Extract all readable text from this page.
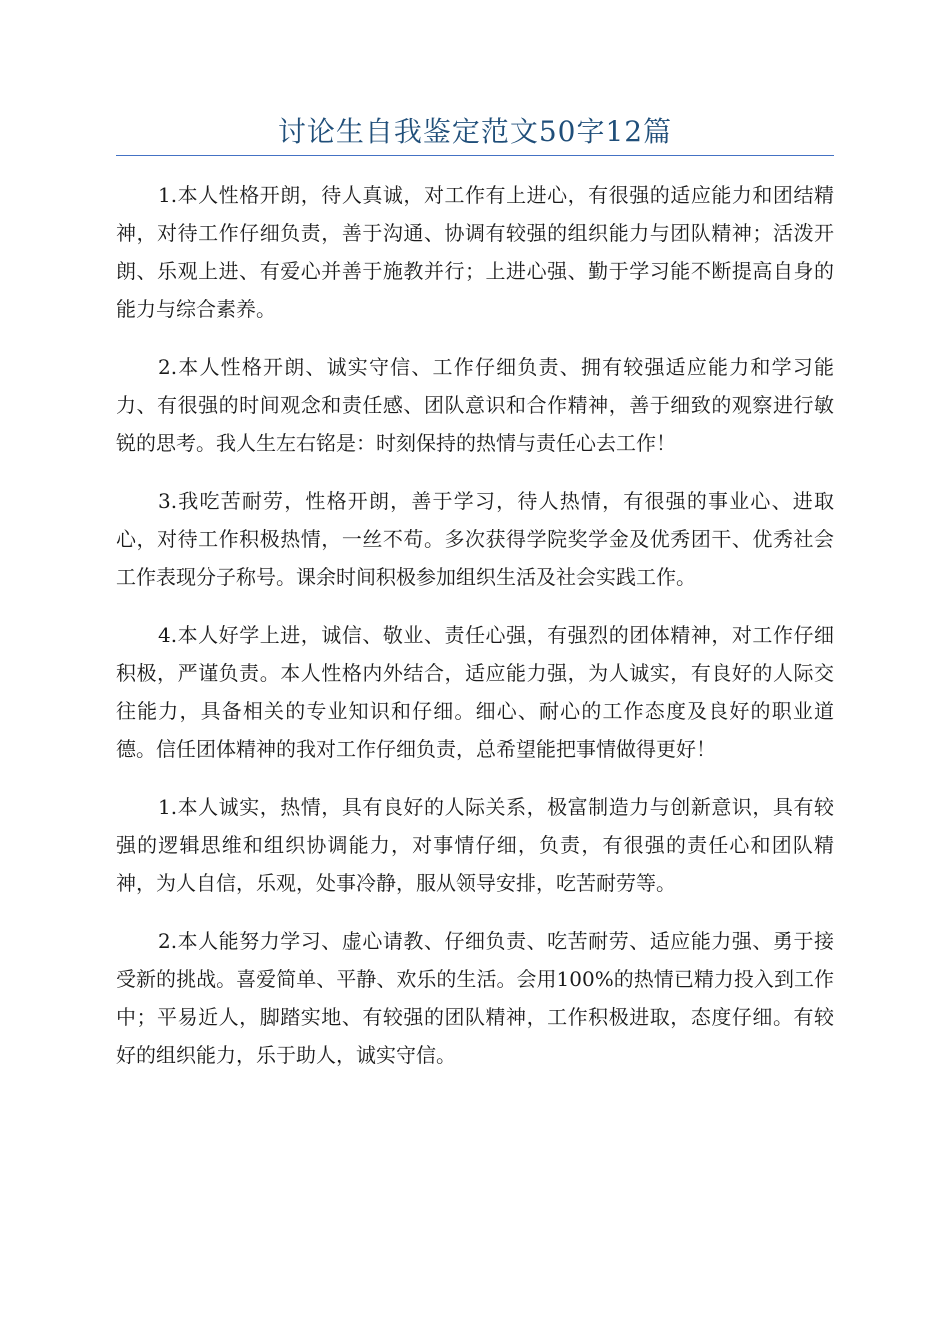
讨论生自我鉴定范文50字12篇

1.本人性格开朗，待人真诚，对工作有上进心，有很强的适应能力和团结精神，对待工作仔细负责，善于沟通、协调有较强的组织能力与团队精神；活泼开朗、乐观上进、有爱心并善于施教并行；上进心强、勤于学习能不断提高自身的能力与综合素养。

2.本人性格开朗、诚实守信、工作仔细负责、拥有较强适应能力和学习能力、有很强的时间观念和责任感、团队意识和合作精神，善于细致的观察进行敏锐的思考。我人生左右铭是：时刻保持的热情与责任心去工作！

3.我吃苦耐劳，性格开朗，善于学习，待人热情，有很强的事业心、进取心，对待工作积极热情，一丝不苟。多次获得学院奖学金及优秀团干、优秀社会工作表现分子称号。课余时间积极参加组织生活及社会实践工作。

4.本人好学上进，诚信、敬业、责任心强，有强烈的团体精神，对工作仔细积极，严谨负责。本人性格内外结合，适应能力强，为人诚实，有良好的人际交往能力，具备相关的专业知识和仔细。细心、耐心的工作态度及良好的职业道德。信任团体精神的我对工作仔细负责，总希望能把事情做得更好！

1.本人诚实，热情，具有良好的人际关系，极富制造力与创新意识，具有较强的逻辑思维和组织协调能力，对事情仔细，负责，有很强的责任心和团队精神，为人自信，乐观，处事冷静，服从领导安排，吃苦耐劳等。

2.本人能努力学习、虚心请教、仔细负责、吃苦耐劳、适应能力强、勇于接受新的挑战。喜爱简单、平静、欢乐的生活。会用100%的热情已精力投入到工作中；平易近人，脚踏实地、有较强的团队精神，工作积极进取，态度仔细。有较好的组织能力，乐于助人，诚实守信。
